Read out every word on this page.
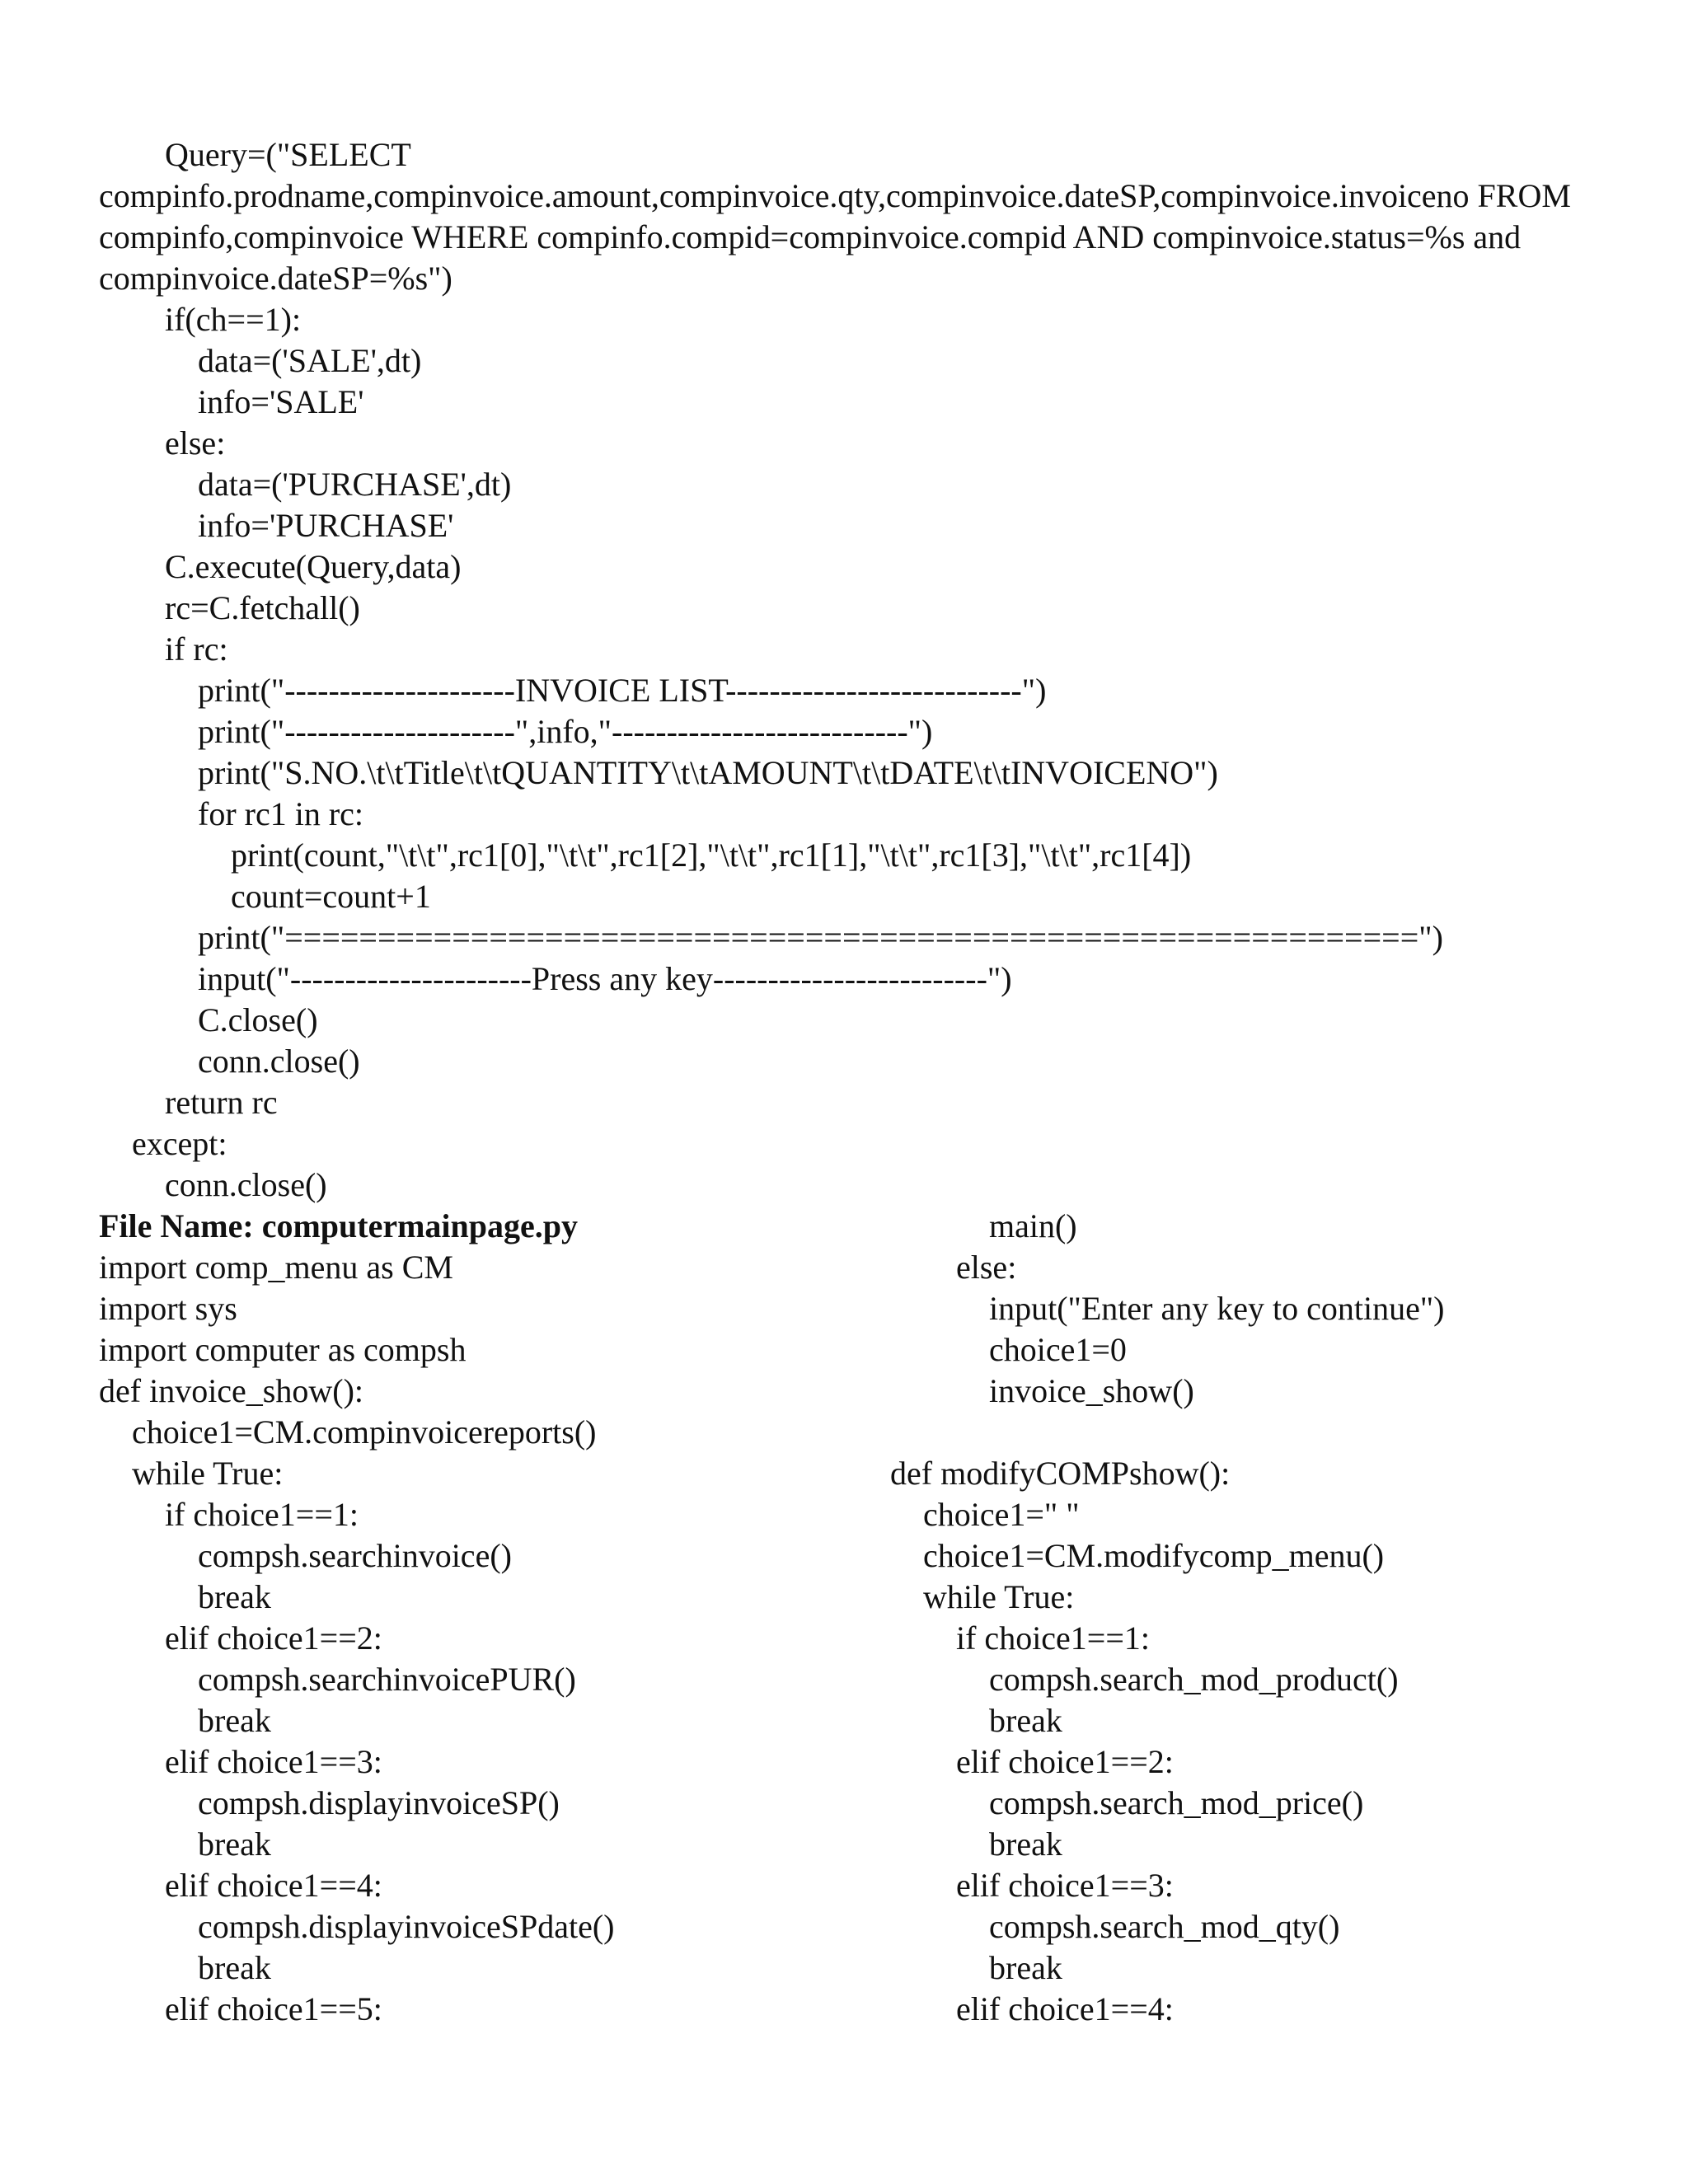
Query=("SELECT
compinfo.prodname,compinvoice.amount,compinvoice.qty,compinvoice.dateSP,compinvoice.invoiceno FROM
compinfo,compinvoice WHERE compinfo.compid=compinvoice.compid AND compinvoice.status=%s and
compinvoice.dateSP=%s")
if(ch==1):
data=('SALE',dt)
info='SALE'
else:
data=('PURCHASE',dt)
info='PURCHASE'
C.execute(Query,data)
rc=C.fetchall()
if rc:
print("---------------------INVOICE LIST---------------------------")
print("---------------------",info,"---------------------------")
print("S.NO.\t\tTitle\t\tQUANTITY\t\tAMOUNT\t\tDATE\t\tINVOICENO")
for rc1 in rc:
print(count,"\t\t",rc1[0],"\t\t",rc1[2],"\t\t",rc1[1],"\t\t",rc1[3],"\t\t",rc1[4])
count=count+1
print("=============================================================")
input("----------------------Press any key-------------------------")
C.close()
conn.close()
return rc
except:
conn.close()
File Name: computermainpage.py
import comp_menu as CM
import sys
import computer as compsh
def invoice_show():
choice1=CM.compinvoicereports()
while True:
if choice1==1:
compsh.searchinvoice()
break
elif choice1==2:
compsh.searchinvoicePUR()
break
elif choice1==3:
compsh.displayinvoiceSP()
break
elif choice1==4:
compsh.displayinvoiceSPdate()
break
elif choice1==5:
main()
else:
input("Enter any key to continue")
choice1=0
invoice_show()
def modifyCOMPshow():
choice1=" "
choice1=CM.modifycomp_menu()
while True:
if choice1==1:
compsh.search_mod_product()
break
elif choice1==2:
compsh.search_mod_price()
break
elif choice1==3:
compsh.search_mod_qty()
break
elif choice1==4:
